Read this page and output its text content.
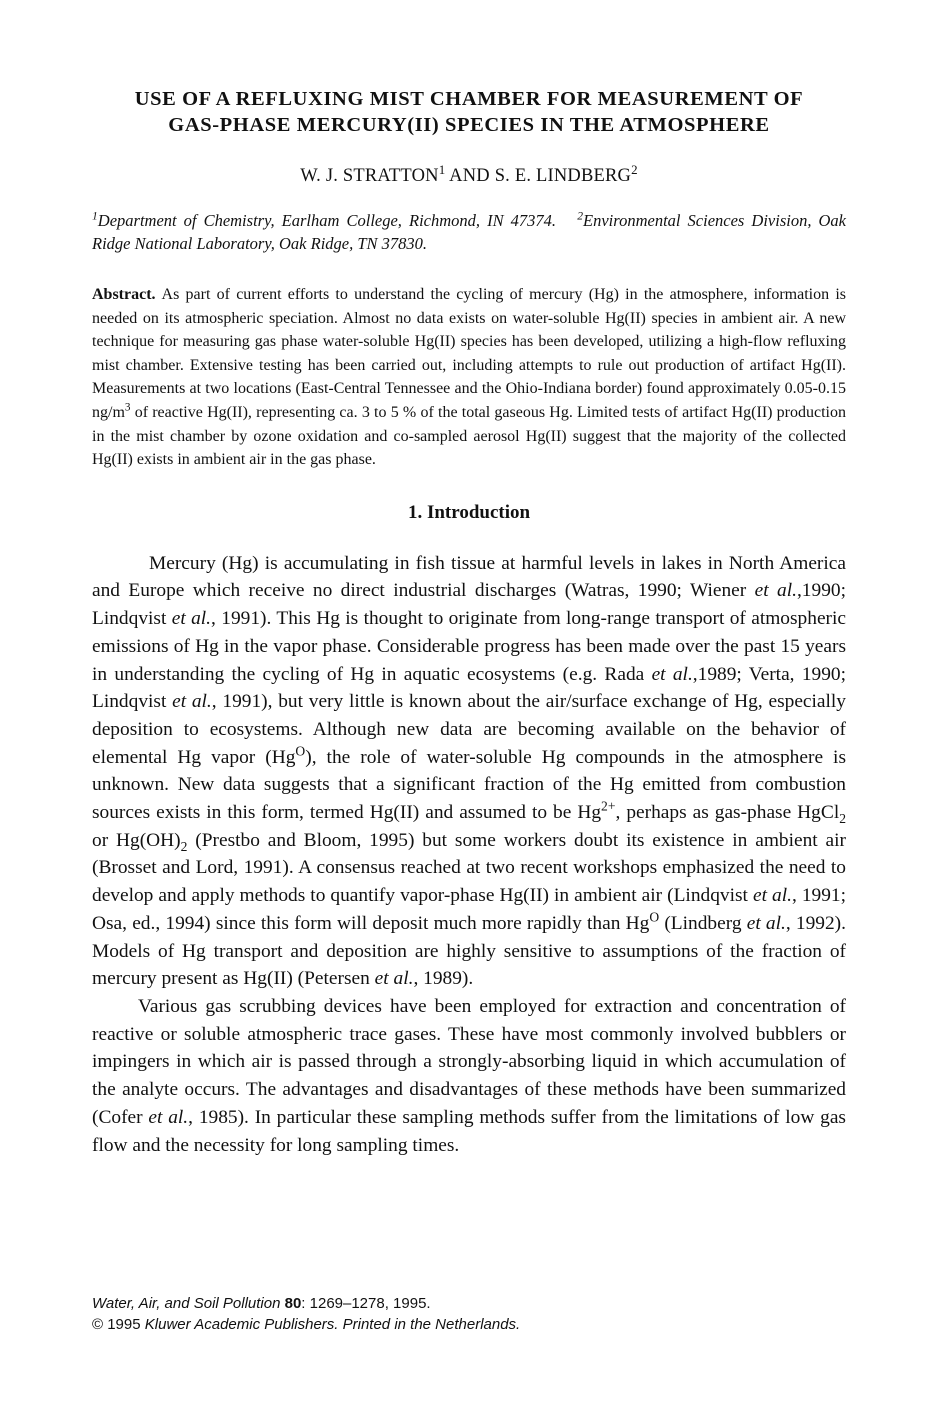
USE OF A REFLUXING MIST CHAMBER FOR MEASUREMENT OF
GAS-PHASE MERCURY(II) SPECIES IN THE ATMOSPHERE
W. J. STRATTON$^1$ AND S. E. LINDBERG$^2$
$^1$Department of Chemistry, Earlham College, Richmond, IN 47374. $^2$Environmental Sciences Division, Oak Ridge National Laboratory, Oak Ridge, TN 37830.
Abstract. As part of current efforts to understand the cycling of mercury (Hg) in the atmosphere, information is needed on its atmospheric speciation. Almost no data exists on water-soluble Hg(II) species in ambient air. A new technique for measuring gas phase water-soluble Hg(II) species has been developed, utilizing a high-flow refluxing mist chamber. Extensive testing has been carried out, including attempts to rule out production of artifact Hg(II). Measurements at two locations (East-Central Tennessee and the Ohio-Indiana border) found approximately 0.05-0.15 $ng/m^3$ of reactive Hg(II), representing ca. 3 to 5 % of the total gaseous Hg. Limited tests of artifact Hg(II) production in the mist chamber by ozone oxidation and co-sampled aerosol Hg(II) suggest that the majority of the collected Hg(II) exists in ambient air in the gas phase.
1. Introduction

Mercury (Hg) is accumulating in fish tissue at harmful levels in lakes in North America and Europe which receive no direct industrial discharges (Watras, 1990; Wiener et al.,1990; Lindqvist et al., 1991). This Hg is thought to originate from long-range transport of atmospheric emissions of Hg in the vapor phase. Considerable progress has been made over the past 15 years in understanding the cycling of Hg in aquatic ecosystems (e.g. Rada et al.,1989; Verta, 1990; Lindqvist et al., 1991), but very little is known about the air/surface exchange of Hg, especially deposition to ecosystems. Although new data are becoming available on the behavior of elemental Hg vapor $(Hg^O)$, the role of water-soluble Hg compounds in the atmosphere is unknown. New data suggests that a significant fraction of the Hg emitted from combustion sources exists in this form, termed Hg(II) and assumed to be $Hg^{2+}$, perhaps as gas-phase HgCl$_2$ or $Hg(OH)_2$ (Prestbo and Bloom, 1995) but some workers doubt its existence in ambient air (Brosset and Lord, 1991). A consensus reached at two recent workshops emphasized the need to develop and apply methods to quantify vapor-phase Hg(II) in ambient air (Lindqvist et al., 1991; Osa, ed., 1994) since this form will deposit much more rapidly than $Hg^O$ (Lindberg et al., 1992). Models of Hg transport and deposition are highly sensitive to assumptions of the fraction of mercury present as Hg(II) (Petersen et al., 1989).

Various gas scrubbing devices have been employed for extraction and concentration of reactive or soluble atmospheric trace gases. These have most commonly involved bubblers or impingers in which air is passed through a strongly-absorbing liquid in which accumulation of the analyte occurs. The advantages and disadvantages of these methods have been summarized (Cofer et al., 1985). In particular these sampling methods suffer from the limitations of low gas flow and the necessity for long sampling times.

Water, Air, and Soil Pollution 80: 1269–1278, 1995.
© 1995 Kluwer Academic Publishers. Printed in the Netherlands.
